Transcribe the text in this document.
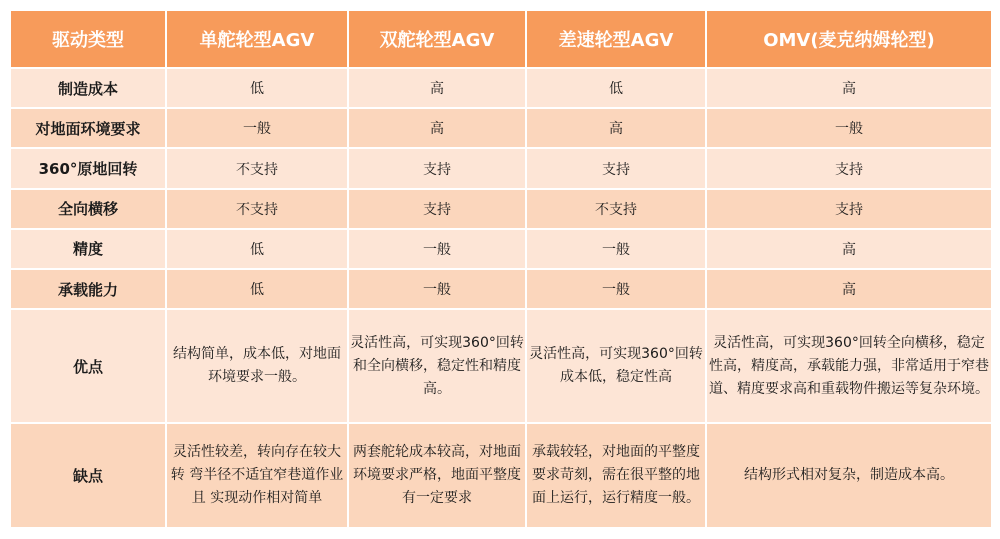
驱动类型	单舵轮型AGV	双舵轮型AGV	差速轮型AGV	OMV(麦克纳姆轮型)
制造成本	低	高	低	高
对地面环境要求	一般	高	高	一般
360°原地回转	不支持	支持	支持	支持
全向横移	不支持	支持	不支持	支持
精度	低	一般	一般	高
承载能力	低	一般	一般	高
优点	结构简单，成本低，对地面环境要求一般。	灵活性高，可实现360°回转和全向横移，稳定性和精度高。	灵活性高，可实现360°回转成本低，稳定性高	灵活性高，可实现360°回转全向横移，稳定性高，精度高，承载能力强，非常适用于窄巷道、精度要求高和重载物件搬运等复杂环境。
缺点	灵活性较差，转向存在较大转 弯半径不适宜窄巷道作业且 实现动作相对简单	两套舵轮成本较高，对地面环境要求严格，地面平整度有一定要求	承载较轻，对地面的平整度要求苛刻，需在很平整的地面上运行，运行精度一般。	结构形式相对复杂，制造成本高。
